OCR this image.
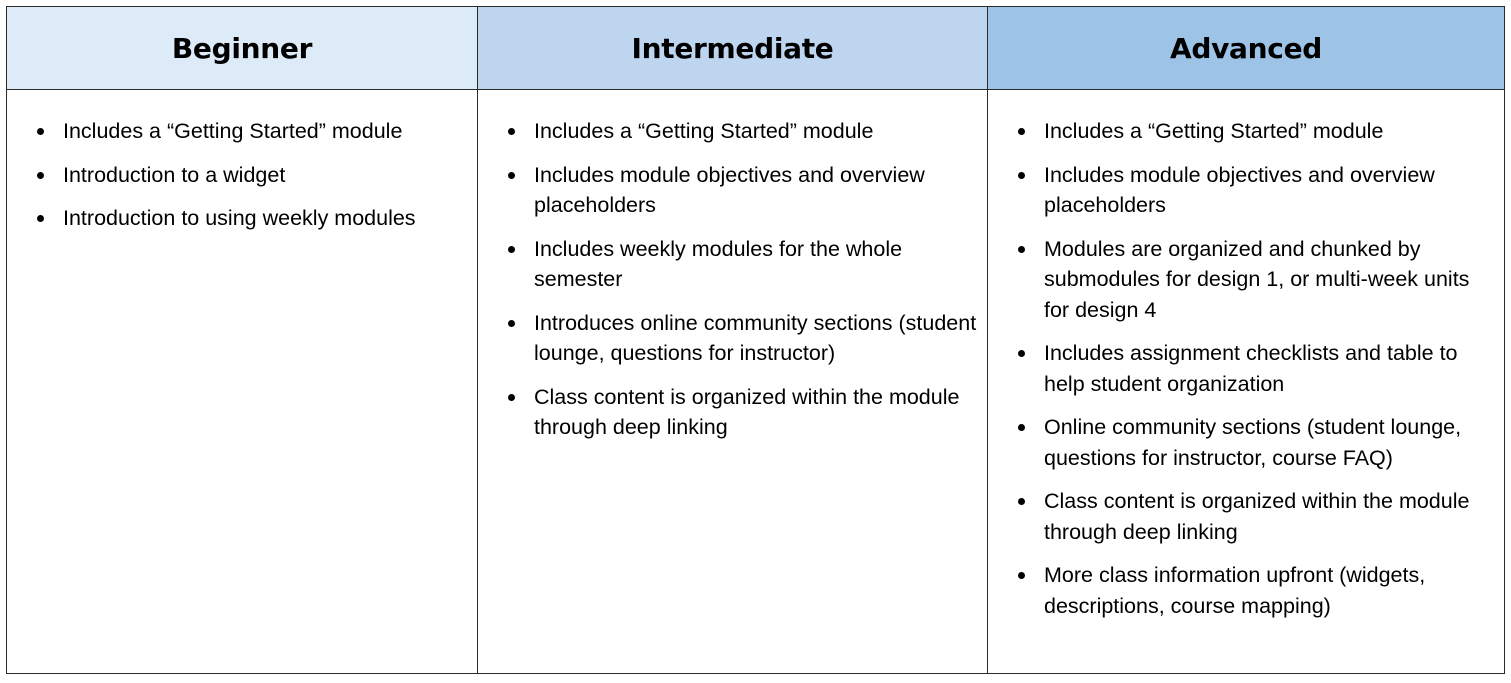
Beginner	Intermediate	Advanced
Includes a “Getting Started” module
Introduction to a widget
Introduction to using weekly modules
Includes a “Getting Started” module
Includes module objectives and overview placeholders
Includes weekly modules for the whole semester
Introduces online community sections (student lounge, questions for instructor)
Class content is organized within the module through deep linking
Includes a “Getting Started” module
Includes module objectives and overview placeholders
Modules are organized and chunked by submodules for design 1, or multi-week units for design 4
Includes assignment checklists and table to help student organization
Online community sections (student lounge, questions for instructor, course FAQ)
Class content is organized within the module through deep linking
More class information upfront (widgets, descriptions, course mapping)
